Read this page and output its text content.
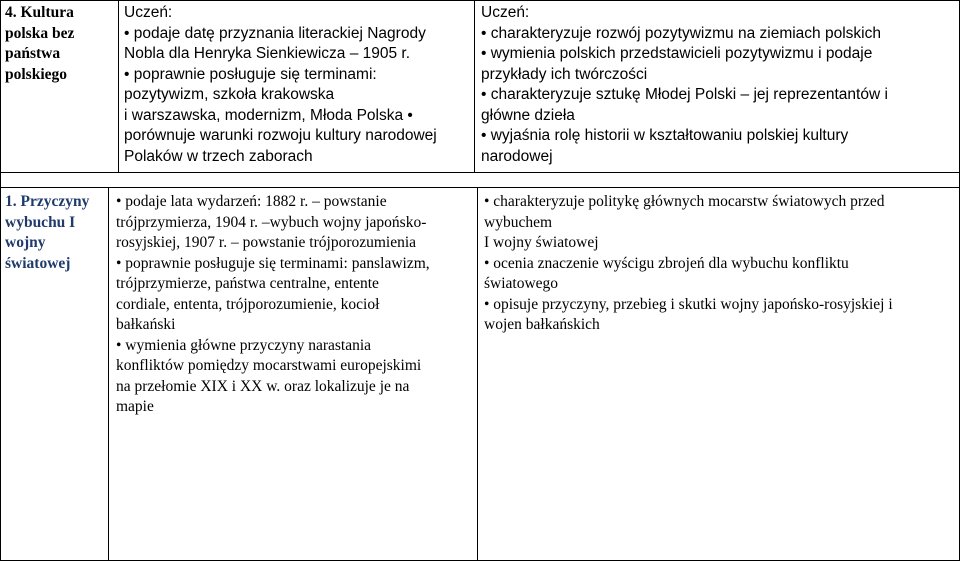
4. Kultura

polska bez

państwa

polskiego

Uczeń:

• podaje datę przyznania literackiej Nagrody

Nobla dla Henryka Sienkiewicza – 1905 r.

• poprawnie posługuje się terminami:

pozytywizm, szkoła krakowska

i warszawska, modernizm, Młoda Polska •

porównuje warunki rozwoju kultury narodowej

Polaków w trzech zaborach

Uczeń:

• charakteryzuje rozwój pozytywizmu na ziemiach polskich

• wymienia polskich przedstawicieli pozytywizmu i podaje

przykłady ich twórczości

• charakteryzuje sztukę Młodej Polski – jej reprezentantów i

główne dzieła

• wyjaśnia rolę historii w kształtowaniu polskiej kultury

narodowej

1. Przyczyny

wybuchu I

wojny

światowej

• podaje lata wydarzeń: 1882 r. – powstanie

trójprzymierza, 1904 r. –wybuch wojny japońsko-

rosyjskiej, 1907 r. – powstanie trójporozumienia

• poprawnie posługuje się terminami: panslawizm,

trójprzymierze, państwa centralne, entente

cordiale, ententa, trójporozumienie, kocioł

bałkański

• wymienia główne przyczyny narastania

konfliktów pomiędzy mocarstwami europejskimi

na przełomie XIX i XX w. oraz lokalizuje je na

mapie

• charakteryzuje politykę głównych mocarstw światowych przed

wybuchem

I wojny światowej

• ocenia znaczenie wyścigu zbrojeń dla wybuchu konfliktu

światowego

• opisuje przyczyny, przebieg i skutki wojny japońsko-rosyjskiej i

wojen bałkańskich
